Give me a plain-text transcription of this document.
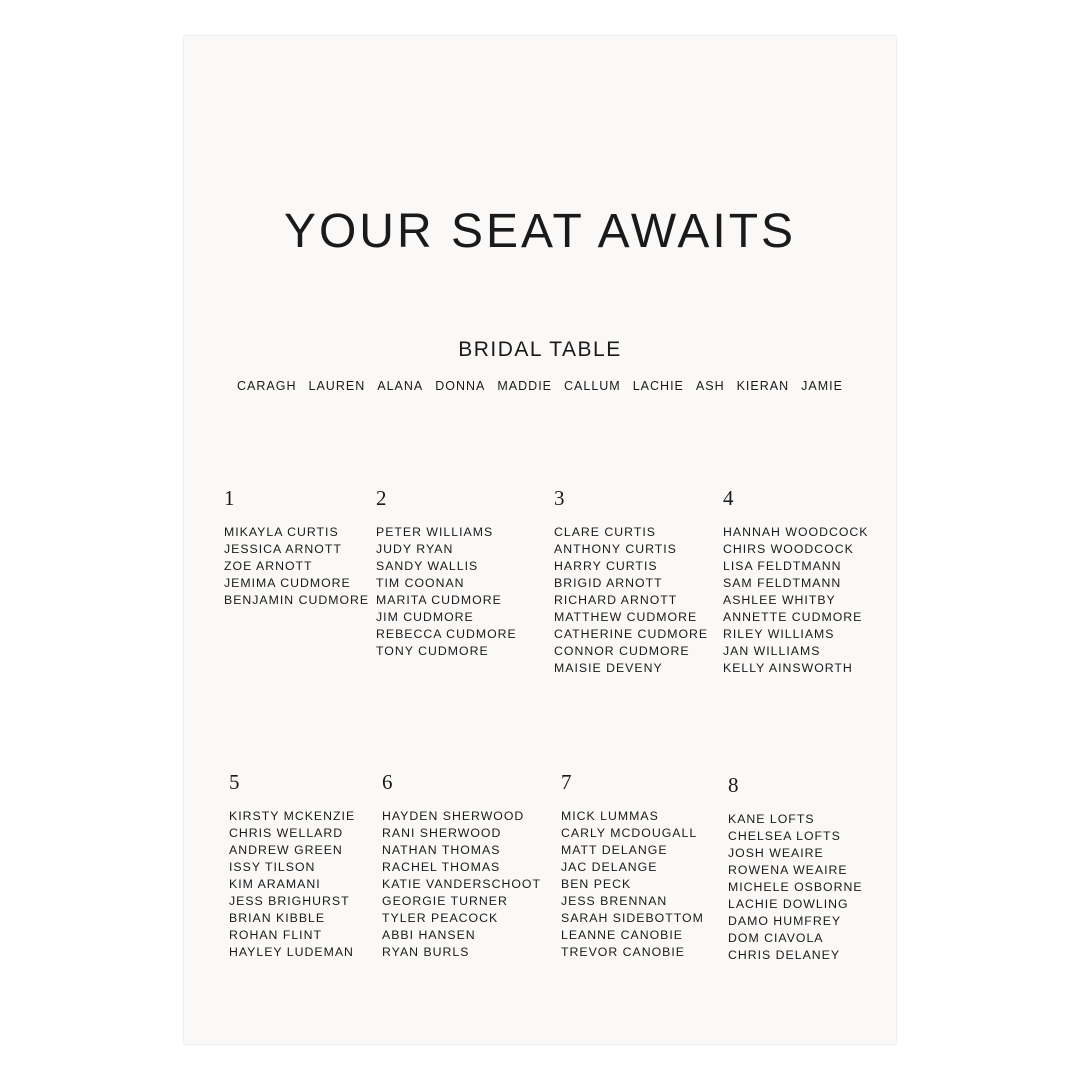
YOUR SEAT AWAITS
BRIDAL TABLE
CARAGH LAUREN ALANA DONNA MADDIE CALLUM LACHIE ASH KIERAN JAMIE
1
MIKAYLA CURTIS
JESSICA ARNOTT
ZOE ARNOTT
JEMIMA CUDMORE
BENJAMIN CUDMORE
2
PETER WILLIAMS
JUDY RYAN
SANDY WALLIS
TIM COONAN
MARITA CUDMORE
JIM CUDMORE
REBECCA CUDMORE
TONY CUDMORE
3
CLARE CURTIS
ANTHONY CURTIS
HARRY CURTIS
BRIGID ARNOTT
RICHARD ARNOTT
MATTHEW CUDMORE
CATHERINE CUDMORE
CONNOR CUDMORE
MAISIE DEVENY
4
HANNAH WOODCOCK
CHIRS WOODCOCK
LISA FELDTMANN
SAM FELDTMANN
ASHLEE WHITBY
ANNETTE CUDMORE
RILEY WILLIAMS
JAN WILLIAMS
KELLY AINSWORTH
5
KIRSTY MCKENZIE
CHRIS WELLARD
ANDREW GREEN
ISSY TILSON
KIM ARAMANI
JESS BRIGHURST
BRIAN KIBBLE
ROHAN FLINT
HAYLEY LUDEMAN
6
HAYDEN SHERWOOD
RANI SHERWOOD
NATHAN THOMAS
RACHEL THOMAS
KATIE VANDERSCHOOT
GEORGIE TURNER
TYLER PEACOCK
ABBI HANSEN
RYAN BURLS
7
MICK LUMMAS
CARLY MCDOUGALL
MATT DELANGE
JAC DELANGE
BEN PECK
JESS BRENNAN
SARAH SIDEBOTTOM
LEANNE CANOBIE
TREVOR CANOBIE
8
KANE LOFTS
CHELSEA LOFTS
JOSH WEAIRE
ROWENA WEAIRE
MICHELE OSBORNE
LACHIE DOWLING
DAMO HUMFREY
DOM CIAVOLA
CHRIS DELANEY
